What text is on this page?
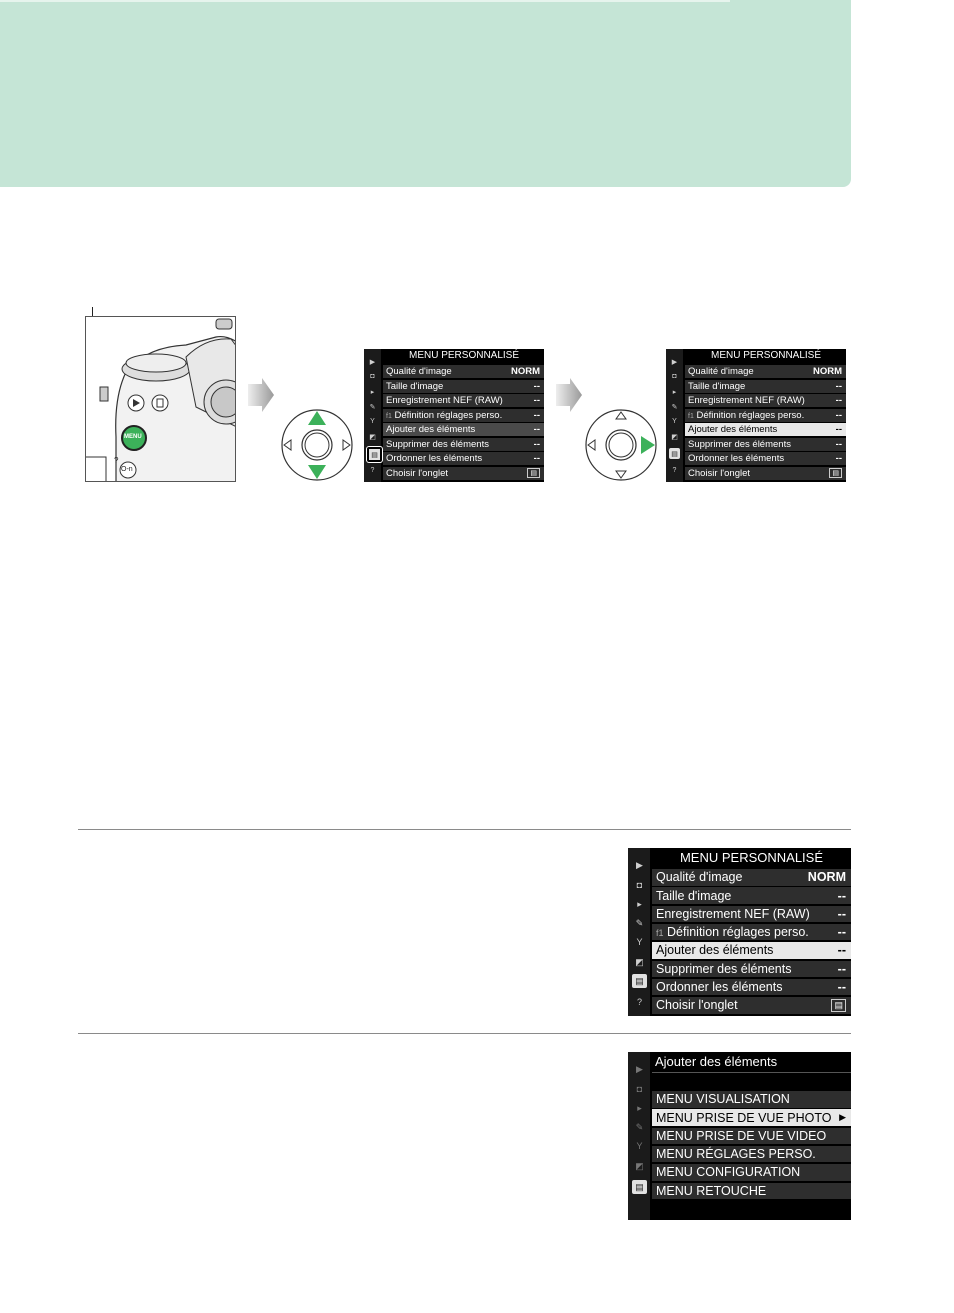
MENU
?
O-n
▶
◘
▸
✎
Y
◩
▤
?
MENU PERSONNALISÉ
Qualité d'image	NORM
Taille d'image	--
Enregistrement NEF (RAW)	--
f1 Définition réglages perso.	--
Ajouter des éléments	--
Supprimer des éléments	--
Ordonner les éléments	--
Choisir l'onglet	▤
▶
◘
▸
✎
Y
◩
▤
?
MENU PERSONNALISÉ
Qualité d'image	NORM
Taille d'image	--
Enregistrement NEF (RAW)	--
f1 Définition réglages perso.	--
Ajouter des éléments	--
Supprimer des éléments	--
Ordonner les éléments	--
Choisir l'onglet	▤
▶
◘
▸
✎
Y
◩
▤
?
MENU PERSONNALISÉ
Qualité d'image	NORM
Taille d'image	--
Enregistrement NEF (RAW) --
f1 Définition réglages perso. --
Ajouter des éléments	--
Supprimer des éléments	--
Ordonner les éléments	--
Choisir l'onglet	▤
▶
◘
▸
✎
Y
◩
▤
Ajouter des éléments
MENU VISUALISATION
MENU PRISE DE VUE PHOTO ▶
MENU PRISE DE VUE VIDEO
MENU RÉGLAGES PERSO.
MENU CONFIGURATION
MENU RETOUCHE
